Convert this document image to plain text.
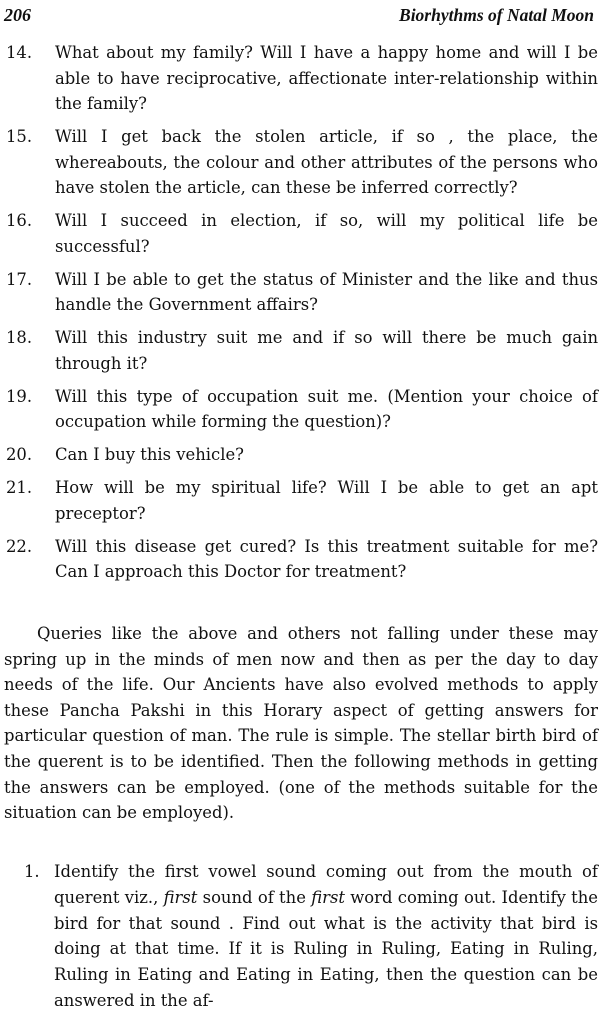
206	Biorhythms of Natal Moon
14.	What about my family? Will I have a happy home and will I be able to have reciprocative, affectionate inter-relationship within the family?
15.	Will I get back the stolen article, if so , the place, the whereabouts, the colour and other attributes of the persons who have stolen the article, can these be inferred correctly?
16.	Will I succeed in election, if so, will my political life be successful?
17.	Will I be able to get the status of Minister and the like and thus handle the Government affairs?
18.	Will this industry suit me and if so will there be much gain through it?
19.	Will this type of occupation suit me. (Mention your choice of occupation while forming the question)?
20.	Can I buy this vehicle?
21.	How will be my spiritual life? Will I be able to get an apt preceptor?
22.	Will this disease get cured? Is this treatment suitable for me? Can I approach this Doctor for treatment?

Queries like the above and others not falling under these may spring up in the minds of men now and then as per the day to day needs of the life. Our Ancients have also evolved methods to apply these Pancha Pakshi in this Horary aspect of getting answers for particular question of man. The rule is simple. The stellar birth bird of the querent is to be identified. Then the following methods in getting the answers can be employed. (one of the methods suitable for the situation can be employed).

1. Identify the first vowel sound coming out from the mouth of querent viz., first sound of the first word coming out. Identify the bird for that sound . Find out what is the activity that bird is doing at that time. If it is Ruling in Ruling, Eating in Ruling, Ruling in Eating and Eating in Eating, then the question can be answered in the af-
